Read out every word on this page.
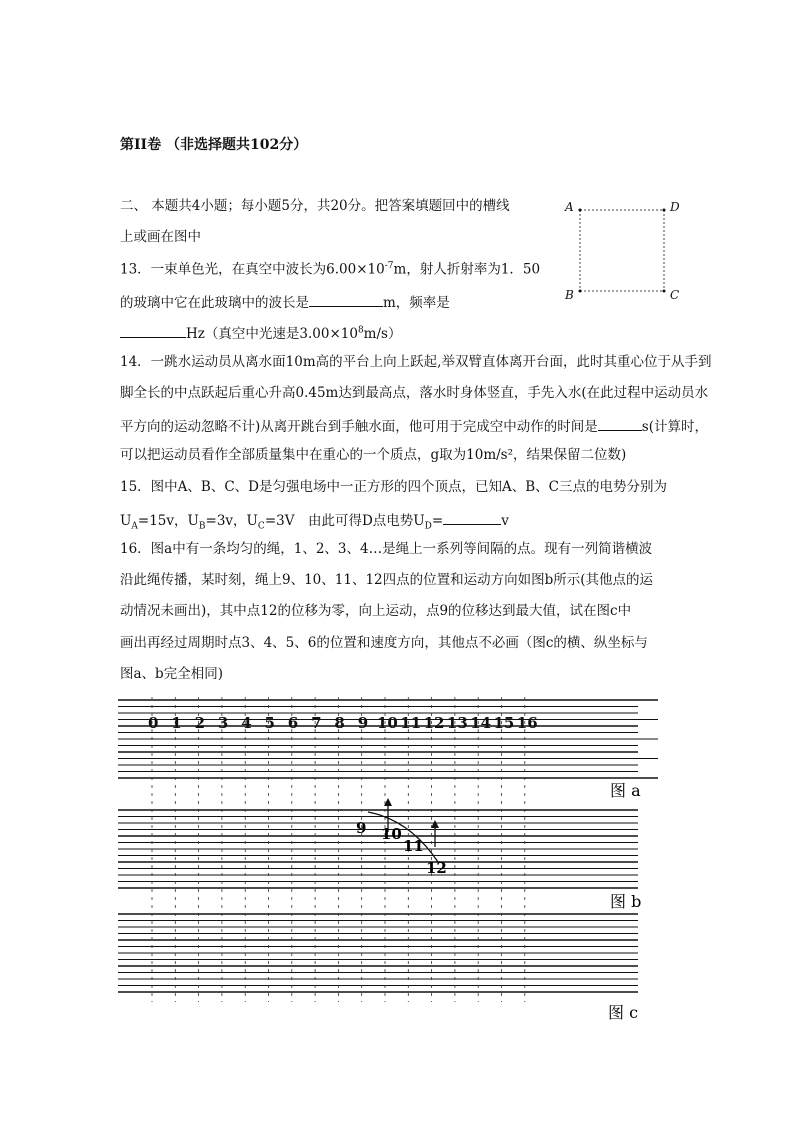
第II卷 （非选择题共102分）
二、 本题共4小题；每小题5分，共20分。把答案填题回中的槽线
上或画在图中
13．一束单色光，在真空中波长为$6.00\times 10^{-7}m$，射人折射率为1．50
的玻璃中它在此玻璃中的波长是	m，频率是
Hz（真空中光速是$3.00\times 10^8m/s$）
14．一跳水运动员从离水面10m高的平台上向上跃起,举双臂直体离开台面，此时其重心位于从手到
脚全长的中点跃起后重心升高0.45m达到最高点，落水时身体竖直，手先入水(在此过程中运动员水
平方向的运动忽略不计)从离开跳台到手触水面，他可用于完成空中动作的时间是	s(计算时，
可以把运动员看作全部质量集中在重心的一个质点，g取为10m/s²，结果保留二位数)
15．图中A、B、C、D是匀强电场中一正方形的四个顶点，已知A、B、C三点的电势分别为
$U_A=15v$，$U_B=3v$，$U_C=3V$　由此可得D点电势$U_D=$	v
16．图a中有一条均匀的绳，1、2、3、4…是绳上一系列等间隔的点。现有一列简谐横波
沿此绳传播，某时刻，绳上9、10、11、12四点的位置和运动方向如图b所示(其他点的运
动情况未画出)，其中点12的位移为零，向上运动，点9的位移达到最大值，试在图c中
画出再经过周期时点3、4、5、6的位置和速度方向，其他点不必画（图c的横、纵坐标与
图a、b完全相同)
A	D
B	C
0 1 2 3 4 5 6 7 8 9 10 11 12 13 14 15 16
9 10
11
12
图 a
图 b
图 c
